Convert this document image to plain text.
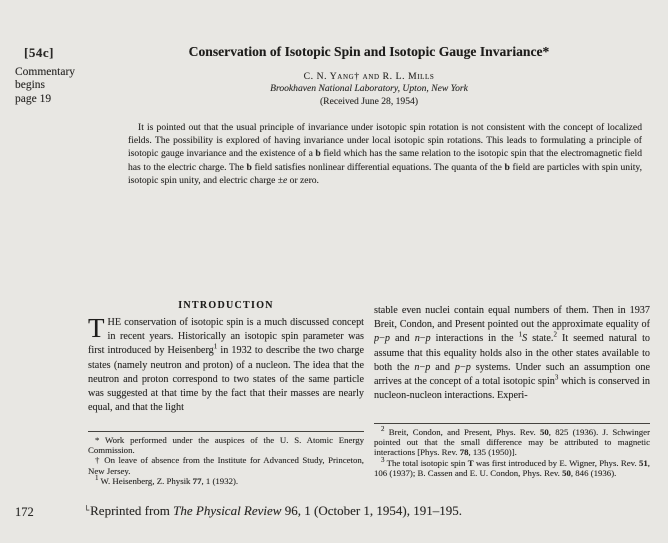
[54c]
Commentary
begins
page 19
Conservation of Isotopic Spin and Isotopic Gauge Invariance*
C. N. Yang† and R. L. Mills
Brookhaven National Laboratory, Upton, New York
(Received June 28, 1954)
It is pointed out that the usual principle of invariance under isotopic spin rotation is not consistent with the concept of localized fields. The possibility is explored of having invariance under local isotopic spin rotations. This leads to formulating a principle of isotopic gauge invariance and the existence of a b field which has the same relation to the isotopic spin that the electromagnetic field has to the electric charge. The b field satisfies nonlinear differential equations. The quanta of the b field are particles with spin unity, isotopic spin unity, and electric charge ±e or zero.
INTRODUCTION
THE conservation of isotopic spin is a much discussed concept in recent years. Historically an isotopic spin parameter was first introduced by Heisenberg$^1$ in 1932 to describe the two charge states (namely neutron and proton) of a nucleon. The idea that the neutron and proton correspond to two states of the same particle was suggested at that time by the fact that their masses are nearly equal, and that the light
stable even nuclei contain equal numbers of them. Then in 1937 Breit, Condon, and Present pointed out the approximate equality of p−p and n−p interactions in the $^1$S state.$^2$ It seemed natural to assume that this equality holds also in the other states available to both the n−p and p−p systems. Under such an assumption one arrives at the concept of a total isotopic spin$^3$ which is conserved in nucleon-nucleon interactions. Experi-

* Work performed under the auspices of the U. S. Atomic Energy Commission.

† On leave of absence from the Institute for Advanced Study, Princeton, New Jersey.

$^1$ W. Heisenberg, Z. Physik 77, 1 (1932).

$^2$ Breit, Condon, and Present, Phys. Rev. 50, 825 (1936). J. Schwinger pointed out that the small difference may be attributed to magnetic interactions [Phys. Rev. 78, 135 (1950)].

$^3$ The total isotopic spin T was first introduced by E. Wigner, Phys. Rev. 51, 106 (1937); B. Cassen and E. U. Condon, Phys. Rev. 50, 846 (1936).

172	└Reprinted from The Physical Review 96, 1 (October 1, 1954), 191–195.
